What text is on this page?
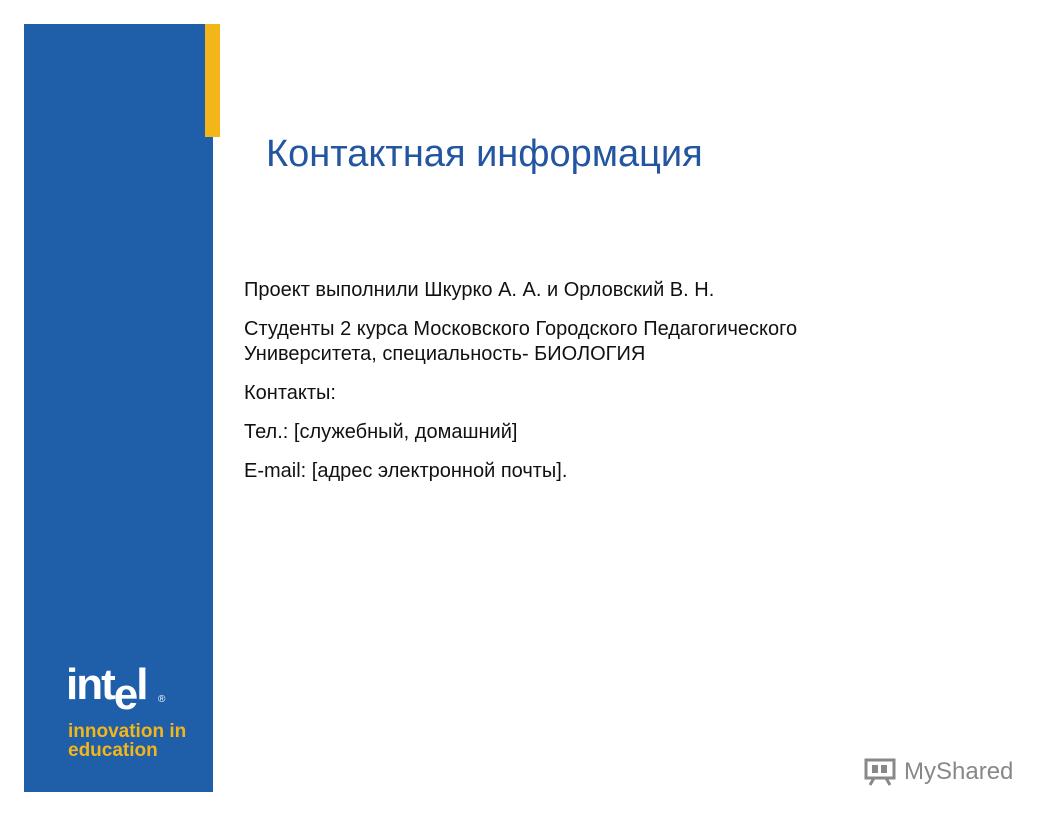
Контактная информация

Проект выполнили Шкурко А. А. и Орловский В. Н.

Студенты 2 курса Московского Городского Педагогического Университета, специальность- БИОЛОГИЯ

Контакты:

Тел.: [служебный, домашний]

E-mail: [адрес электронной почты].

intel ®
innovation in
education
MyShared
